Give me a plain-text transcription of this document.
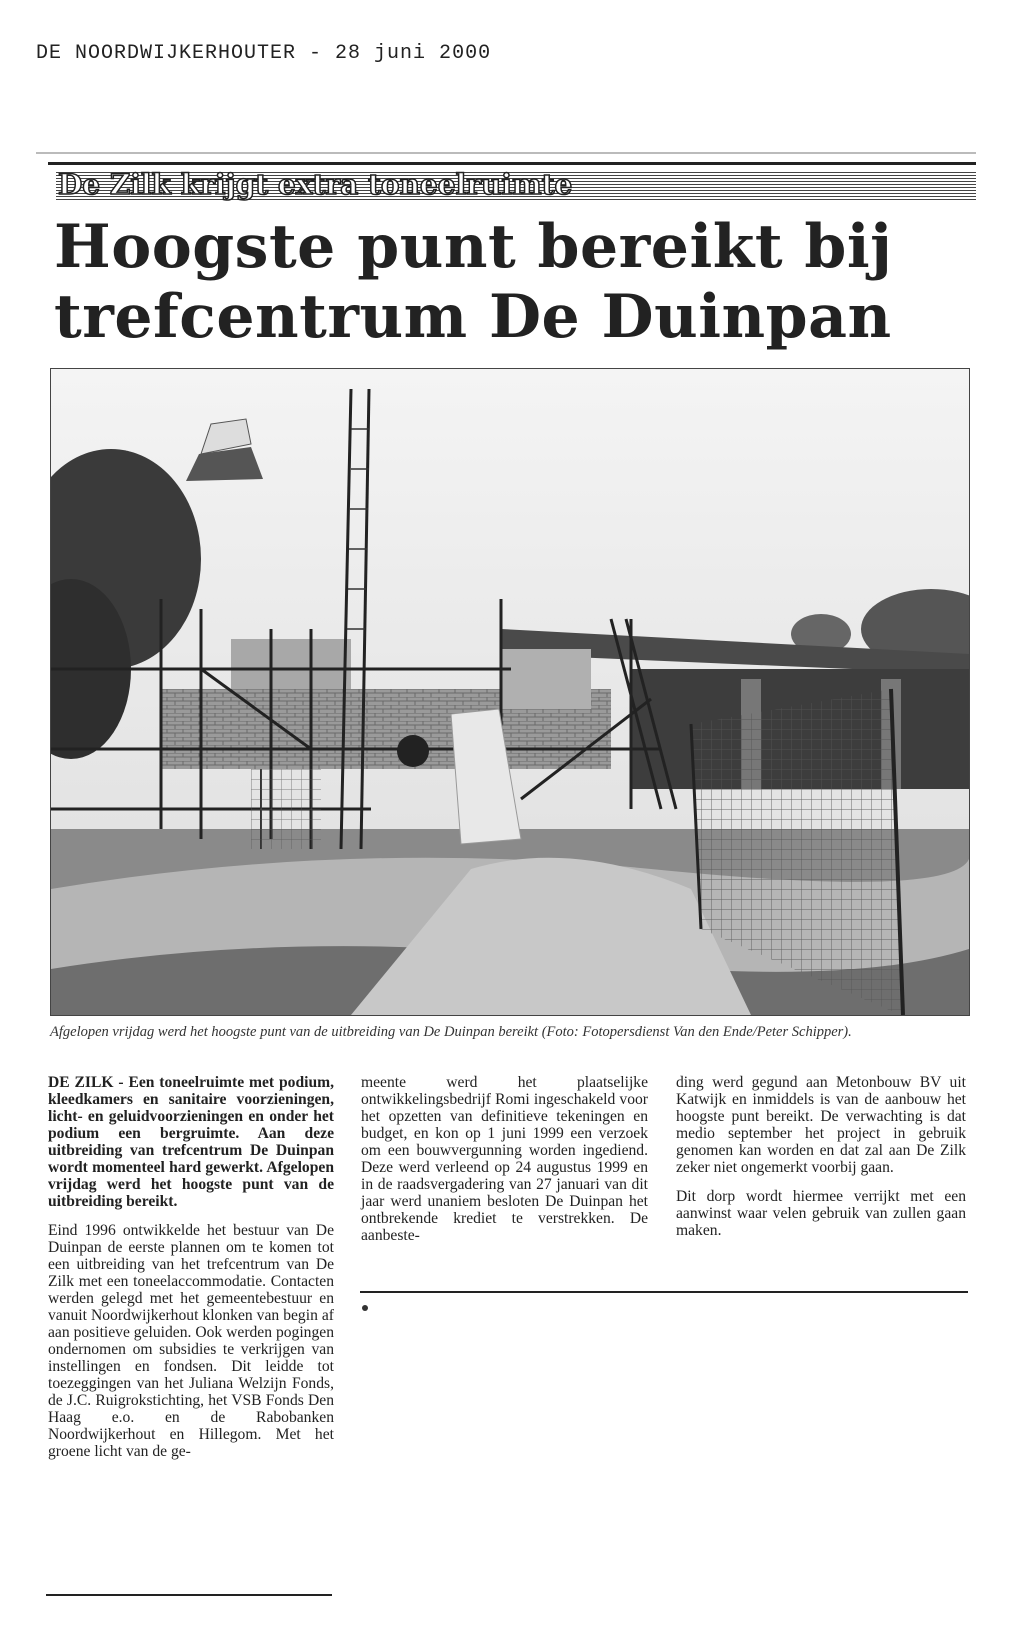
DE NOORDWIJKERHOUTER - 28 juni 2000
De Zilk krijgt extra toneelruimte
Hoogste punt bereikt bij trefcentrum De Duinpan
Afgelopen vrijdag werd het hoogste punt van de uitbreiding van De Duinpan bereikt (Foto: Fotopersdienst Van den Ende/Peter Schipper).

DE ZILK - Een toneelruimte met podium, kleedkamers en sanitaire voorzieningen, licht- en geluidvoorzieningen en onder het podium een bergruimte. Aan deze uitbreiding van trefcentrum De Duinpan wordt momenteel hard gewerkt. Afgelopen vrijdag werd het hoogste punt van de uitbreiding bereikt.

Eind 1996 ontwikkelde het bestuur van De Duinpan de eerste plannen om te komen tot een uitbreiding van het trefcentrum van De Zilk met een toneelaccommodatie. Contacten werden gelegd met het gemeentebestuur en vanuit Noordwijkerhout klonken van begin af aan positieve geluiden. Ook werden pogingen ondernomen om subsidies te verkrijgen van instellingen en fondsen. Dit leidde tot toezeggingen van het Juliana Welzijn Fonds, de J.C. Ruigrokstichting, het VSB Fonds Den Haag e.o. en de Rabobanken Noordwijkerhout en Hillegom. Met het groene licht van de ge-

meente werd het plaatselijke ontwikkelingsbedrijf Romi ingeschakeld voor het opzetten van definitieve tekeningen en budget, en kon op 1 juni 1999 een verzoek om een bouwvergunning worden ingediend. Deze werd verleend op 24 augustus 1999 en in de raadsvergadering van 27 januari van dit jaar werd unaniem besloten De Duinpan het ontbrekende krediet te verstrekken. De aanbeste-

ding werd gegund aan Metonbouw BV uit Katwijk en inmiddels is van de aanbouw het hoogste punt bereikt. De verwachting is dat medio september het project in gebruik genomen kan worden en dat zal aan De Zilk zeker niet ongemerkt voorbij gaan.

Dit dorp wordt hiermee verrijkt met een aanwinst waar velen gebruik van zullen gaan maken.
